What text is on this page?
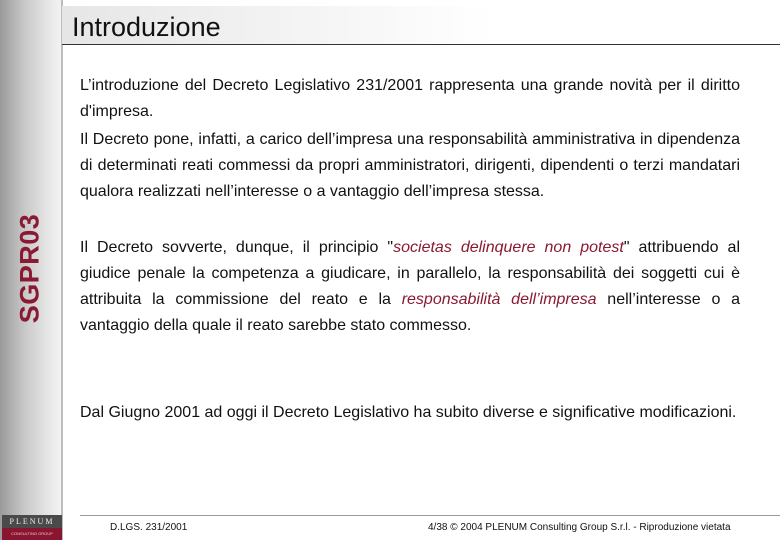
SGPR03
PLENUM
CONSULTING GROUP
Introduzione

L’introduzione del Decreto Legislativo 231/2001 rappresenta una grande novità per il diritto d'impresa.

Il Decreto pone, infatti, a carico dell’impresa una responsabilità amministrativa in dipendenza di determinati reati commessi da propri amministratori, dirigenti, dipendenti o terzi mandatari qualora realizzati nell’interesse o a vantaggio dell’impresa stessa.

Il Decreto sovverte, dunque, il principio "societas delinquere non potest" attribuendo al giudice penale la competenza a giudicare, in parallelo, la responsabilità dei soggetti cui è attribuita la commissione del reato e la responsabilità dell’impresa nell’interesse o a vantaggio della quale il reato sarebbe stato commesso.

Dal Giugno 2001 ad oggi il Decreto Legislativo ha subito diverse e significative modificazioni.

D.LGS. 231/2001	4/38 © 2004 PLENUM Consulting Group S.r.l. - Riproduzione vietata
